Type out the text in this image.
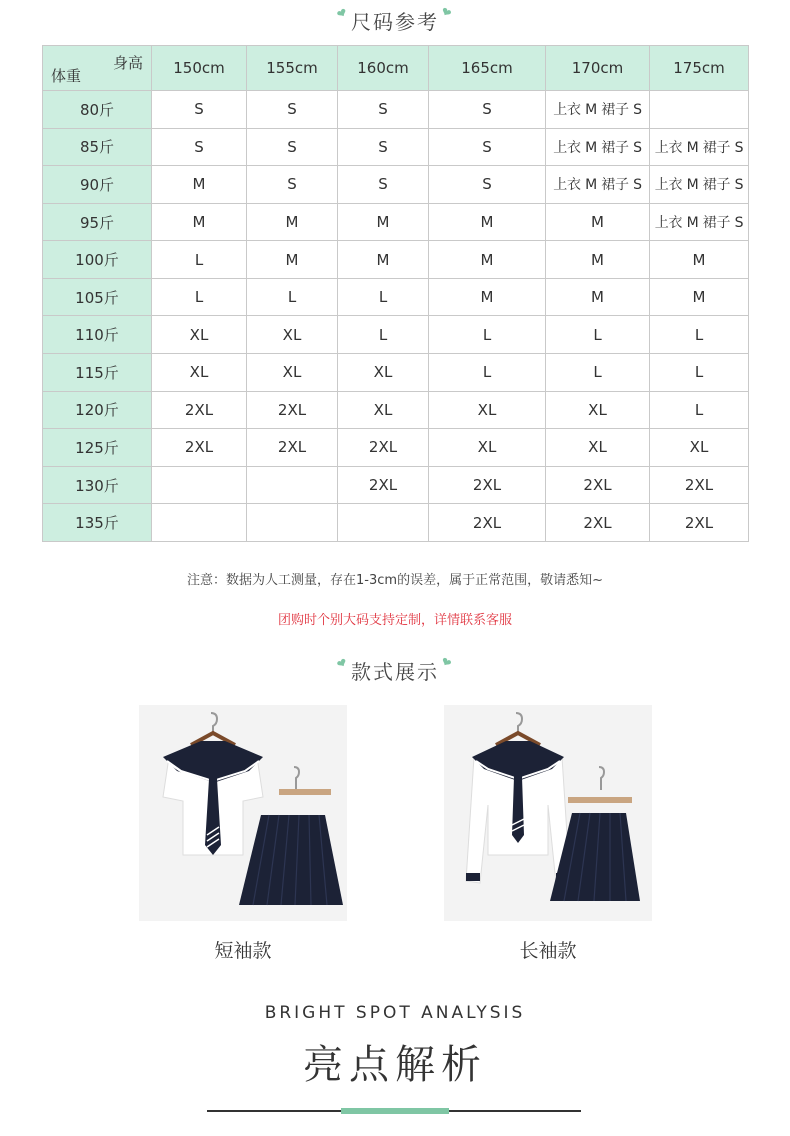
❤尺码参考❤
身高
体重	150cm	155cm	160cm	165cm	170cm	175cm
80斤	S	S	S	S	上衣 M 裙子 S	
85斤	S	S	S	S	上衣 M 裙子 S	上衣 M 裙子 S
90斤	M	S	S	S	上衣 M 裙子 S	上衣 M 裙子 S
95斤	M	M	M	M	M	上衣 M 裙子 S
100斤	L	M	M	M	M	M
105斤	L	L	L	M	M	M
110斤	XL	XL	L	L	L	L
115斤	XL	XL	XL	L	L	L
120斤	2XL	2XL	XL	XL	XL	L
125斤	2XL	2XL	2XL	XL	XL	XL
130斤			2XL	2XL	2XL	2XL
135斤				2XL	2XL	2XL
注意：数据为人工测量，存在1-3cm的误差，属于正常范围，敬请悉知~
团购时个别大码支持定制，详情联系客服
❤款式展示❤
短袖款	长袖款
BRIGHT SPOT ANALYSIS
亮点解析
